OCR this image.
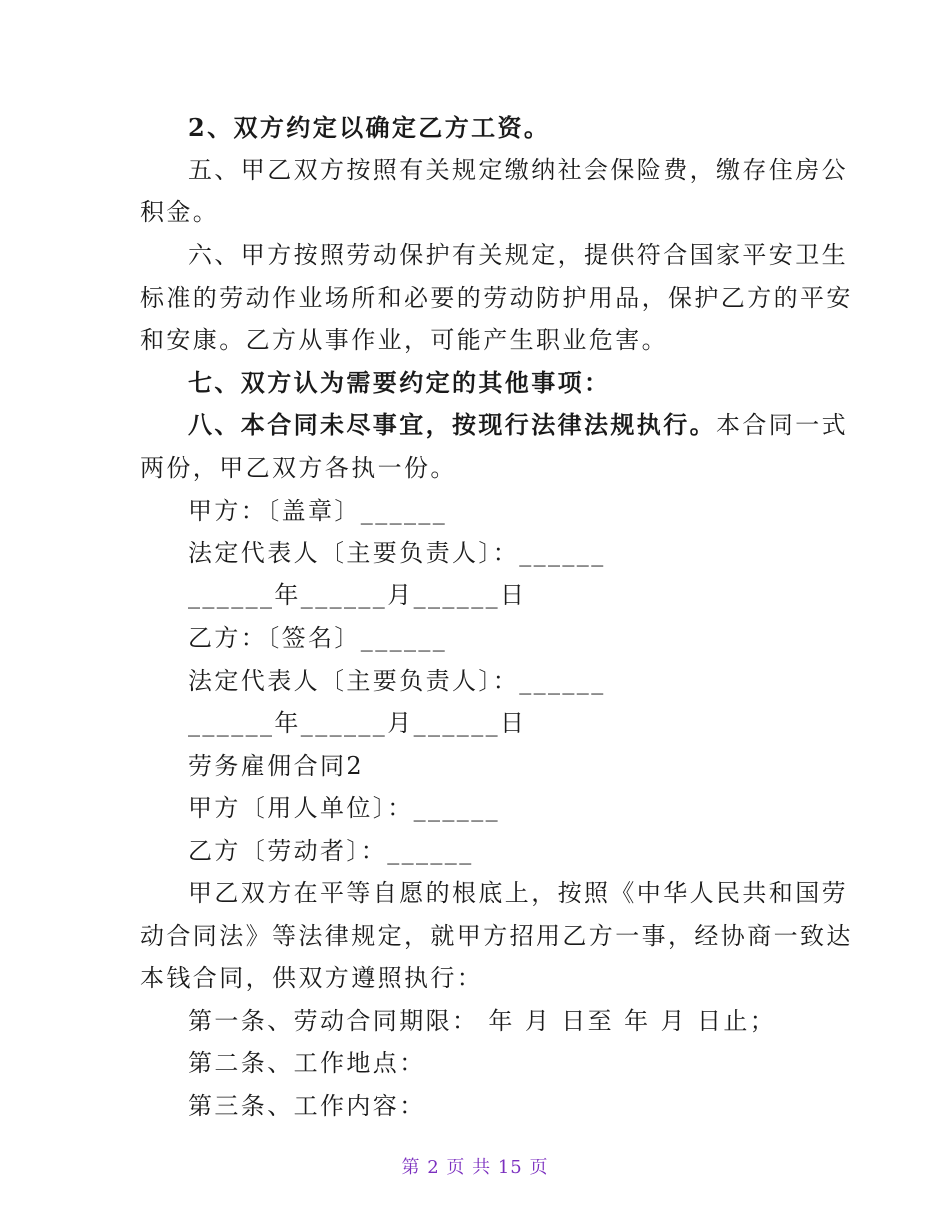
2、双方约定以确定乙方工资。
五、甲乙双方按照有关规定缴纳社会保险费，缴存住房公
积金。
六、甲方按照劳动保护有关规定，提供符合国家平安卫生
标准的劳动作业场所和必要的劳动防护用品，保护乙方的平安
和安康。乙方从事作业，可能产生职业危害。
七、双方认为需要约定的其他事项：
八、本合同未尽事宜，按现行法律法规执行。本合同一式
两份，甲乙双方各执一份。
甲方：〔盖章〕______
法定代表人〔主要负责人〕：______
______年______月______日
乙方：〔签名〕______
法定代表人〔主要负责人〕：______
______年______月______日
劳务雇佣合同2
甲方〔用人单位〕：______
乙方〔劳动者〕：______
甲乙双方在平等自愿的根底上，按照《中华人民共和国劳
动合同法》等法律规定，就甲方招用乙方一事，经协商一致达
本钱合同，供双方遵照执行：
第一条、劳动合同期限： 年 月 日至 年 月 日止；
第二条、工作地点：
第三条、工作内容：
第 2 页 共 15 页
